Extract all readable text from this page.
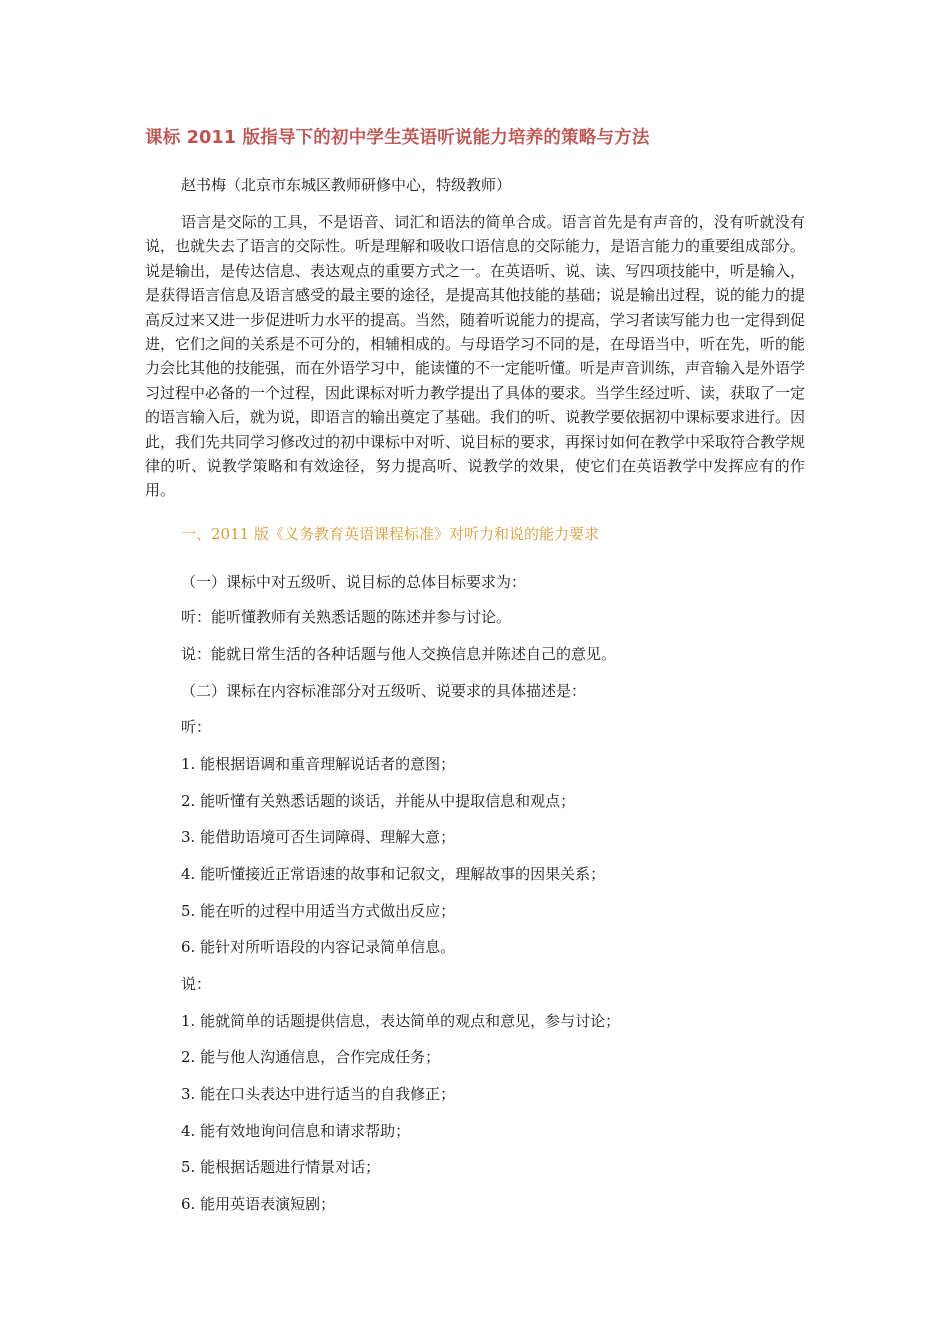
课标 2011 版指导下的初中学生英语听说能力培养的策略与方法
赵书梅（北京市东城区教师研修中心，特级教师）

语言是交际的工具，不是语音、词汇和语法的简单合成。语言首先是有声音的，没有听就没有说，也就失去了语言的交际性。听是理解和吸收口语信息的交际能力，是语言能力的重要组成部分。说是输出，是传达信息、表达观点的重要方式之一。在英语听、说、读、写四项技能中，听是输入，是获得语言信息及语言感受的最主要的途径，是提高其他技能的基础；说是输出过程，说的能力的提高反过来又进一步促进听力水平的提高。当然，随着听说能力的提高，学习者读写能力也一定得到促进，它们之间的关系是不可分的，相辅相成的。与母语学习不同的是，在母语当中，听在先，听的能力会比其他的技能强，而在外语学习中，能读懂的不一定能听懂。听是声音训练，声音输入是外语学习过程中必备的一个过程，因此课标对听力教学提出了具体的要求。当学生经过听、读，获取了一定的语言输入后，就为说，即语言的输出奠定了基础。我们的听、说教学要依据初中课标要求进行。因此，我们先共同学习修改过的初中课标中对听、说目标的要求，再探讨如何在教学中采取符合教学规律的听、说教学策略和有效途径，努力提高听、说教学的效果，使它们在英语教学中发挥应有的作用。

一、2011 版《义务教育英语课程标准》对听力和说的能力要求

（一）课标中对五级听、说目标的总体目标要求为：

听：能听懂教师有关熟悉话题的陈述并参与讨论。

说：能就日常生活的各种话题与他人交换信息并陈述自己的意见。

（二）课标在内容标准部分对五级听、说要求的具体描述是：

听：

1. 能根据语调和重音理解说话者的意图；

2. 能听懂有关熟悉话题的谈话，并能从中提取信息和观点；

3. 能借助语境可否生词障碍、理解大意；

4. 能听懂接近正常语速的故事和记叙文，理解故事的因果关系；

5. 能在听的过程中用适当方式做出反应；

6. 能针对所听语段的内容记录简单信息。

说：

1. 能就简单的话题提供信息，表达简单的观点和意见，参与讨论；

2. 能与他人沟通信息，合作完成任务；

3. 能在口头表达中进行适当的自我修正；

4. 能有效地询问信息和请求帮助；

5. 能根据话题进行情景对话；

6. 能用英语表演短剧；
